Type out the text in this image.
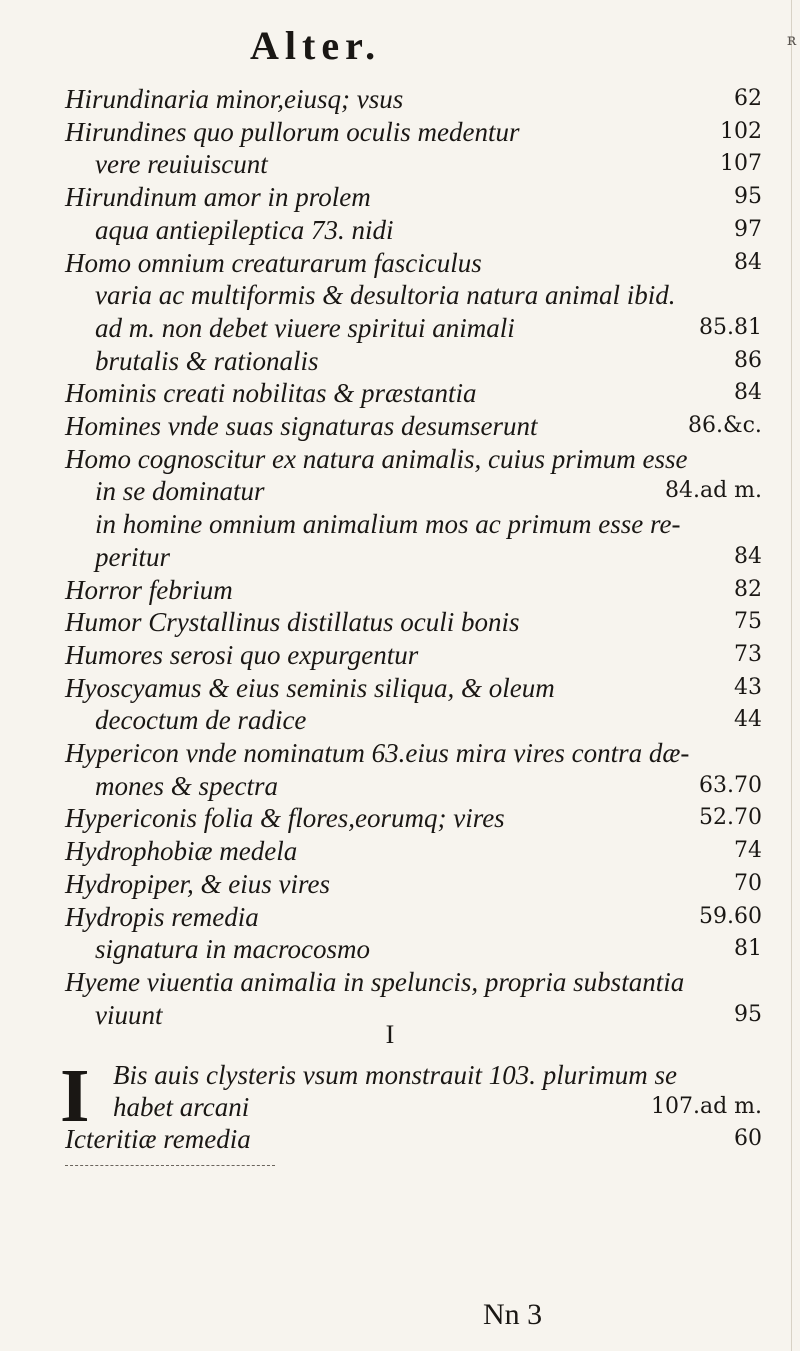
ʀ
Alter.
Hirundinaria minor,eiusq; vsus	62
Hirundines quo pullorum oculis medentur	102
vere reuiuiscunt	107
Hirundinum amor in prolem	95
aqua antiepileptica 73. nidi	97
Homo omnium creaturarum fasciculus	84
varia ac multiformis & desultoria natura animal ibid.
ad m. non debet viuere spiritui animali	85.81
brutalis & rationalis	86
Hominis creati nobilitas & præstantia	84
Homines vnde suas signaturas desumserunt	86.&c.
Homo cognoscitur ex natura animalis, cuius primum esse
in se dominatur	84.ad m.
in homine omnium animalium mos ac primum esse re-
peritur	84
Horror febrium	82
Humor Crystallinus distillatus oculi bonis	75
Humores serosi quo expurgentur	73
Hyoscyamus & eius seminis siliqua, & oleum	43
decoctum de radice	44
Hypericon vnde nominatum 63.eius mira vires contra dæ-
mones & spectra	63.70
Hypericonis folia & flores,eorumq; vires	52.70
Hydrophobiæ medela	74
Hydropiper, & eius vires	70
Hydropis remedia	59.60
signatura in macrocosmo	81
Hyeme viuentia animalia in speluncis, propria substantia
viuunt	95
Bis auis clysteris vsum monstrauit 103. plurimum se
habet arcani	107.ad m.
Icteritiæ remedia	60
I
I
Nn 3
